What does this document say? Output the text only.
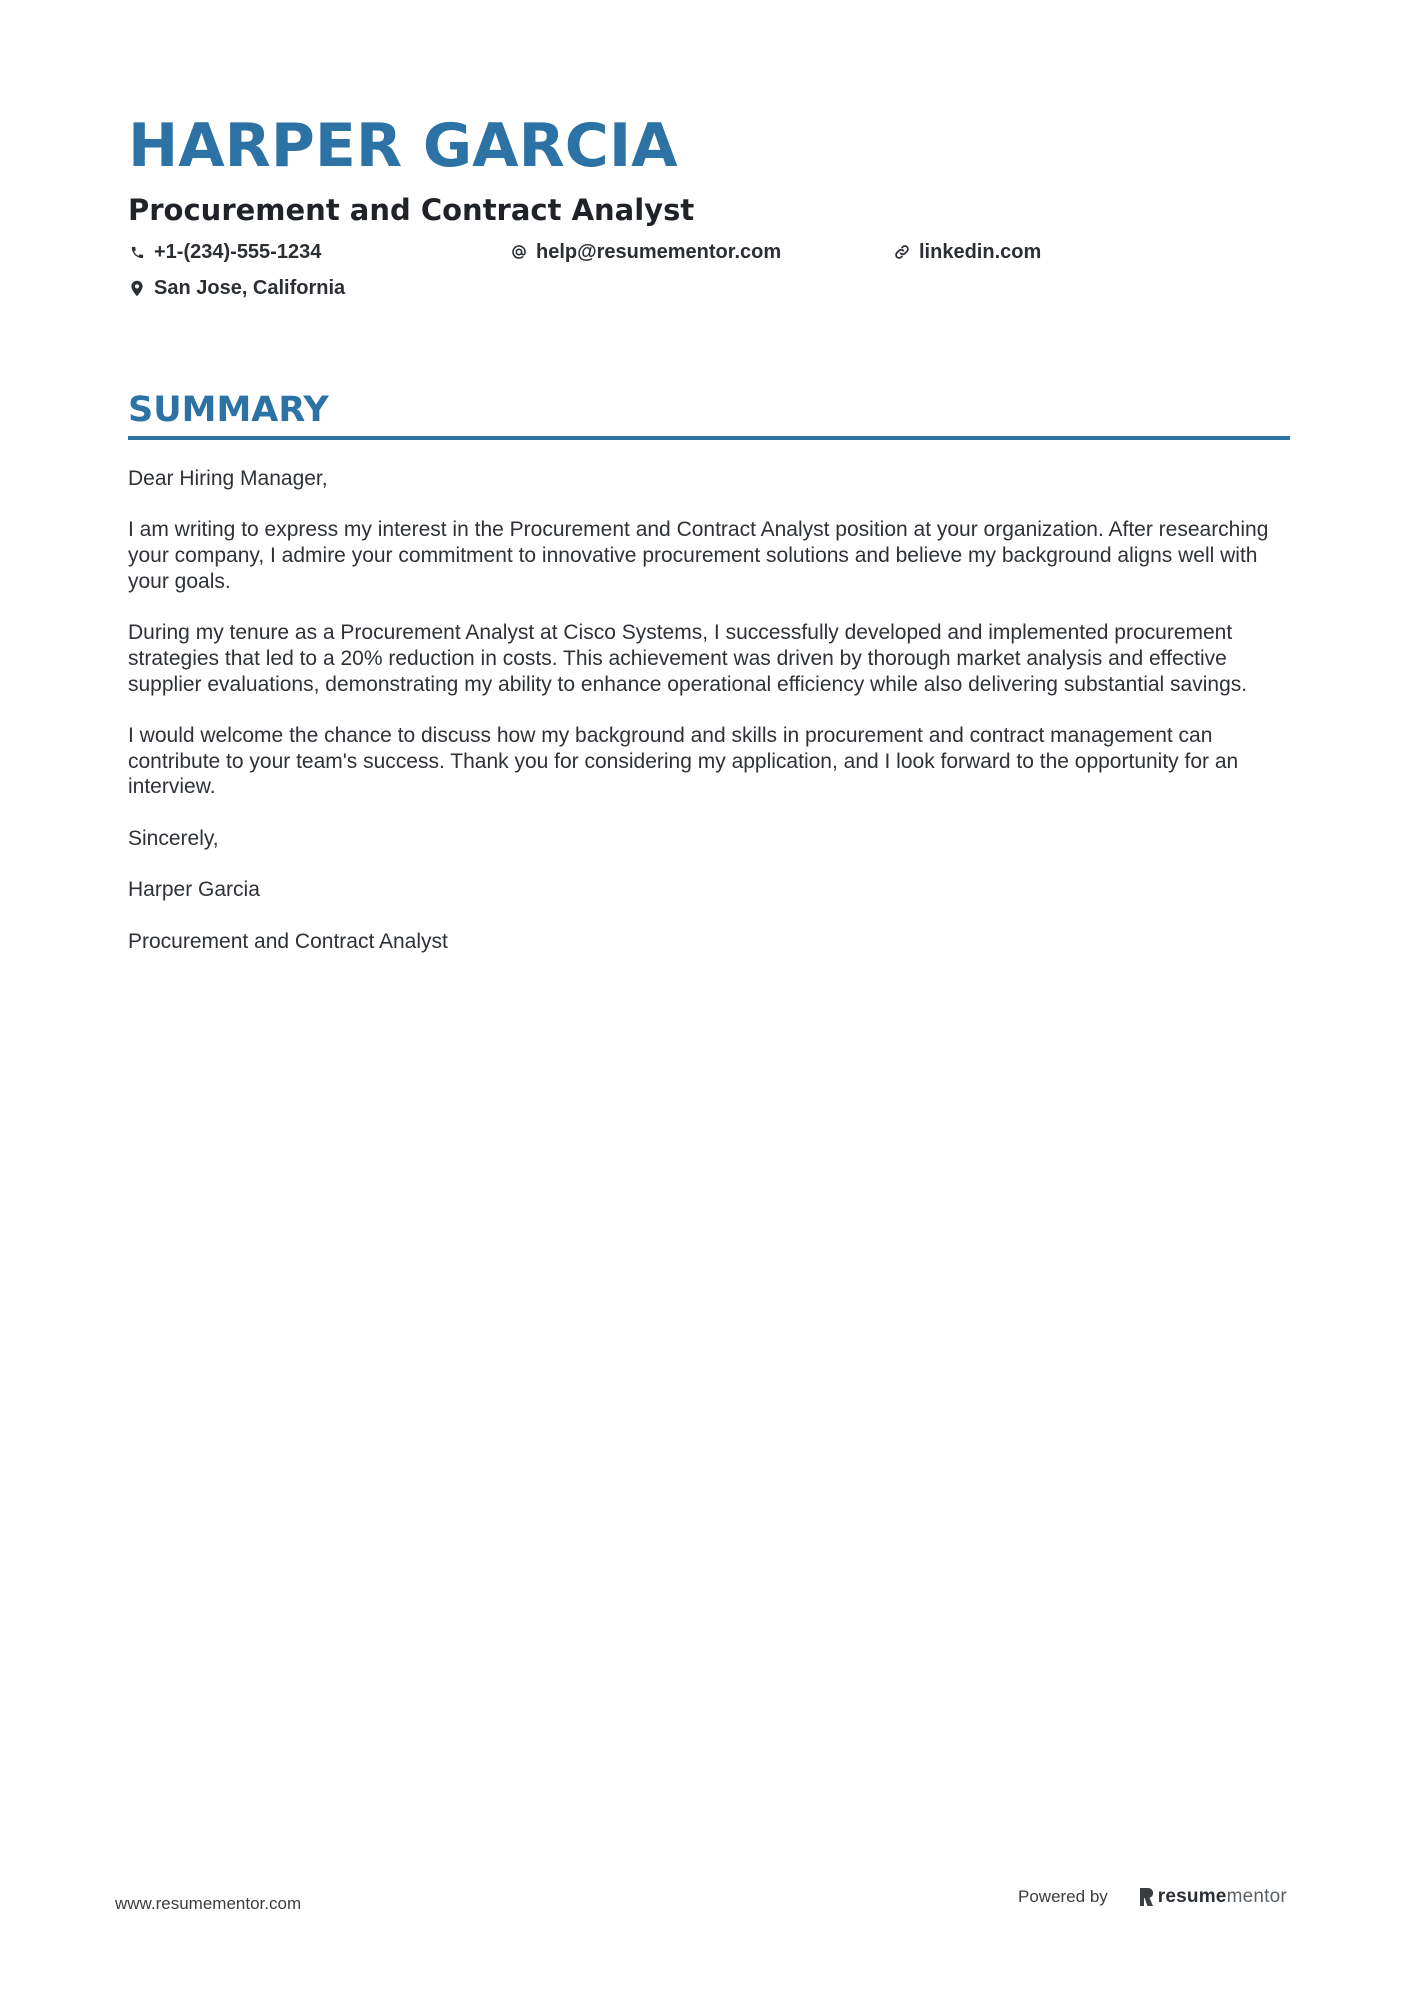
HARPER GARCIA
Procurement and Contract Analyst
+1-(234)-555-1234	help@resumementor.com	linkedin.com
San Jose, California
SUMMARY

Dear Hiring Manager,

I am writing to express my interest in the Procurement and Contract Analyst position at your organization. After researching your company, I admire your commitment to innovative procurement solutions and believe my background aligns well with your goals.

During my tenure as a Procurement Analyst at Cisco Systems, I successfully developed and implemented procurement strategies that led to a 20% reduction in costs. This achievement was driven by thorough market analysis and effective supplier evaluations, demonstrating my ability to enhance operational efficiency while also delivering substantial savings.

I would welcome the chance to discuss how my background and skills in procurement and contract management can contribute to your team's success. Thank you for considering my application, and I look forward to the opportunity for an interview.

Sincerely,

Harper Garcia

Procurement and Contract Analyst

www.resumementor.com	Powered by	resume mentor
